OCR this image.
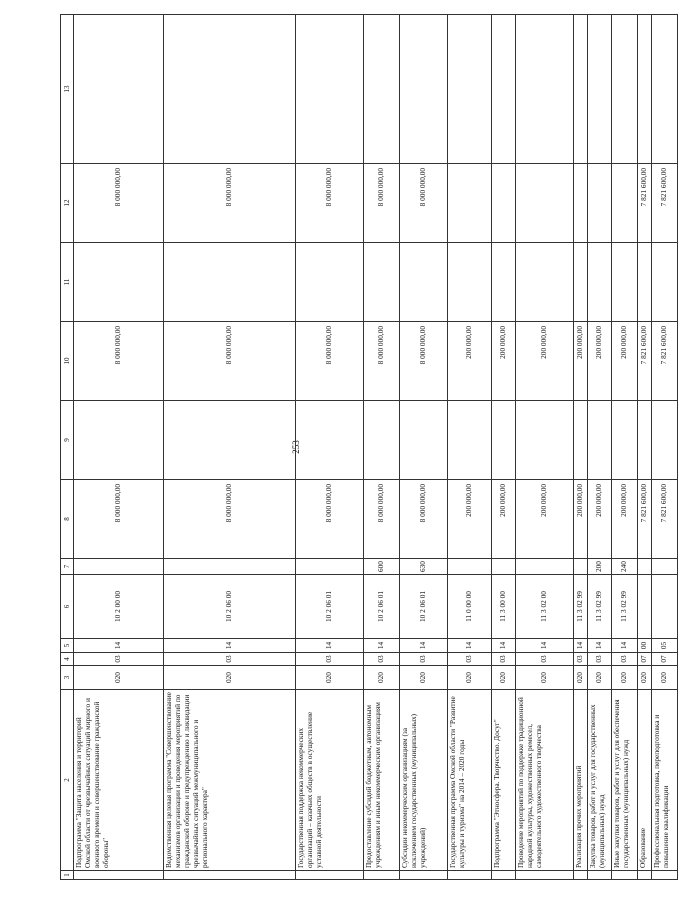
253
1	2	3	4	5	6	7	8	9	10	11	12	13
	Подпрограмма "Защита населения и территорий Омской области от чрезвычайных ситуаций мирного и военного времени и совершенствование гражданской обороны"	020	03	14	10 2 00 00		8 000 000,00		8 000 000,00		8 000 000,00	
	Ведомственная целевая программа "Совершенствование механизмов организации и проведения мероприятий по гражданской обороне и предупреждению и ликвидации чрезвычайных ситуаций межмуниципального и регионального характера"	020	03	14	10 2 06 00		8 000 000,00		8 000 000,00		8 000 000,00	
	Государственная поддержка некоммерческих организаций – казачьих обществ в осуществление уставной деятельности	020	03	14	10 2 06 01		8 000 000,00		8 000 000,00		8 000 000,00	
	Предоставление субсидий бюджетным, автономным учреждениям и иным некоммерческим организациям	020	03	14	10 2 06 01	600	8 000 000,00		8 000 000,00		8 000 000,00	
	Субсидии некоммерческим организациям (за исключением государственных (муниципальных) учреждений)	020	03	14	10 2 06 01	630	8 000 000,00		8 000 000,00		8 000 000,00	
	Государственная программа Омской области "Развитие культуры и туризма" на 2014 – 2020 годы	020	03	14	11 0 00 00		200 000,00		200 000,00			
	Подпрограмма "Этносфера. Творчество. Досуг"	020	03	14	11 3 00 00		200 000,00		200 000,00			
	Проведение мероприятий по поддержке традиционной народной культуры, художественных ремесел, самодеятельного художественного творчества	020	03	14	11 3 02 00		200 000,00		200 000,00			
	Реализация прочих мероприятий	020	03	14	11 3 02 99		200 000,00		200 000,00			
	Закупка товаров, работ и услуг для государственных (муниципальных) нужд	020	03	14	11 3 02 99	200	200 000,00		200 000,00			
	Иные закупки товаров, работ и услуг для обеспечения государственных (муниципальных) нужд	020	03	14	11 3 02 99	240	200 000,00		200 000,00			
	Образование	020	07	00			7 821 600,00		7 821 600,00		7 821 600,00	
	Профессиональная подготовка, переподготовка и повышение квалификации	020	07	05			7 821 600,00		7 821 600,00		7 821 600,00	
